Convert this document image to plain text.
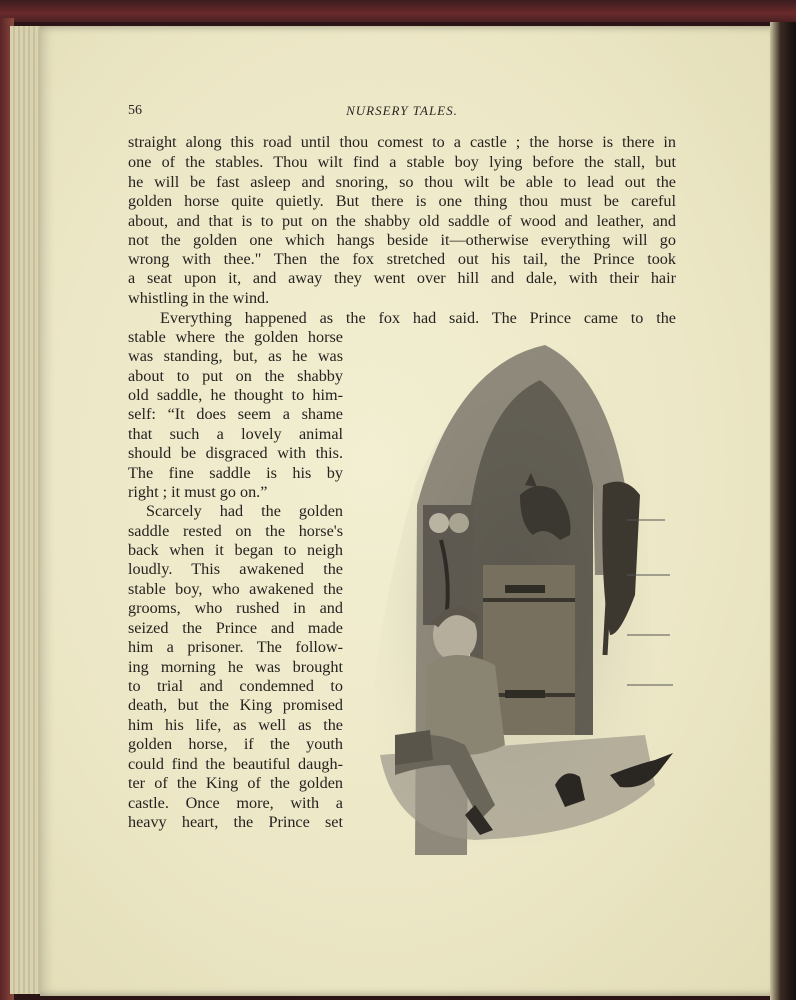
56	NURSERY TALES.
straight along this road until thou comest to a castle ; the horse is there in
one of the stables. Thou wilt find a stable boy lying before the stall, but
he will be fast asleep and snoring, so thou wilt be able to lead out the
golden horse quite quietly. But there is one thing thou must be careful
about, and that is to put on the shabby old saddle of wood and leather, and
not the golden one which hangs beside it—otherwise everything will go
wrong with thee." Then the fox stretched out his tail, the Prince took
a seat upon it, and away they went over hill and dale, with their hair
whistling in the wind.
Everything happened as the fox had said. The Prince came to the
stable where the golden horse
was standing, but, as he was
about to put on the shabby
old saddle, he thought to him-
self: “It does seem a shame
that such a lovely animal
should be disgraced with this.
The fine saddle is his by
right ; it must go on.”
Scarcely had the golden
saddle rested on the horse's
back when it began to neigh
loudly. This awakened the
stable boy, who awakened the
grooms, who rushed in and
seized the Prince and made
him a prisoner. The follow-
ing morning he was brought
to trial and condemned to
death, but the King promised
him his life, as well as the
golden horse, if the youth
could find the beautiful daugh-
ter of the King of the golden
castle. Once more, with a
heavy heart, the Prince set
